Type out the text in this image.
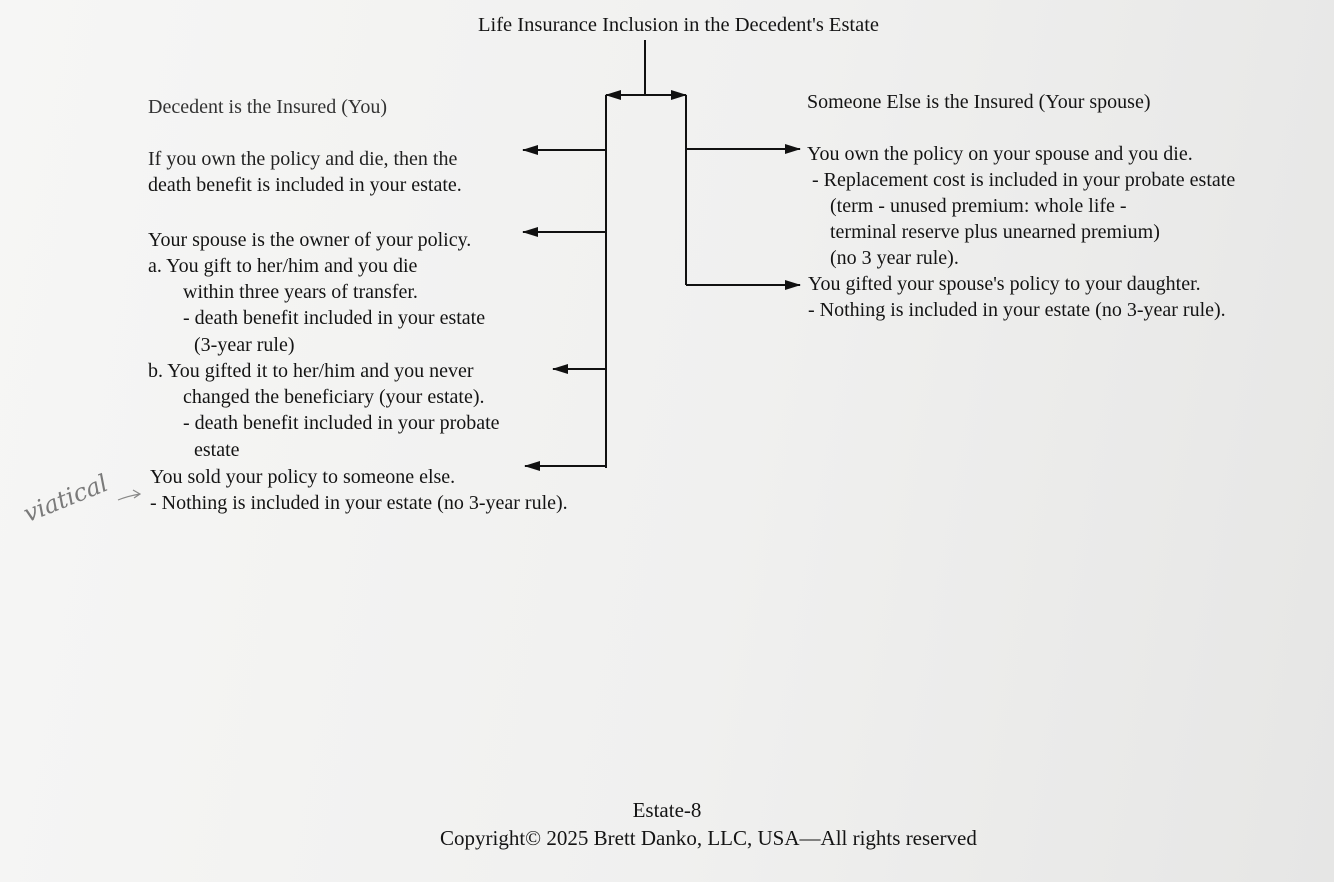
Life Insurance Inclusion in the Decedent's Estate
Decedent is the Insured (You)
If you own the policy and die, then the
death benefit is included in your estate.
Your spouse is the owner of your policy.
a. You gift to her/him and you die
within three years of transfer.
- death benefit included in your estate
(3-year rule)
b. You gifted it to her/him and you never
changed the beneficiary (your estate).
- death benefit included in your probate
estate
You sold your policy to someone else.
- Nothing is included in your estate (no 3-year rule).
Someone Else is the Insured (Your spouse)
You own the policy on your spouse and you die.
- Replacement cost is included in your probate estate
(term - unused premium: whole life -
terminal reserve plus unearned premium)
(no 3 year rule).
You gifted your spouse's policy to your daughter.
- Nothing is included in your estate (no 3-year rule).
viatical
Estate-8
Copyright© 2025 Brett Danko, LLC, USA—All rights reserved
